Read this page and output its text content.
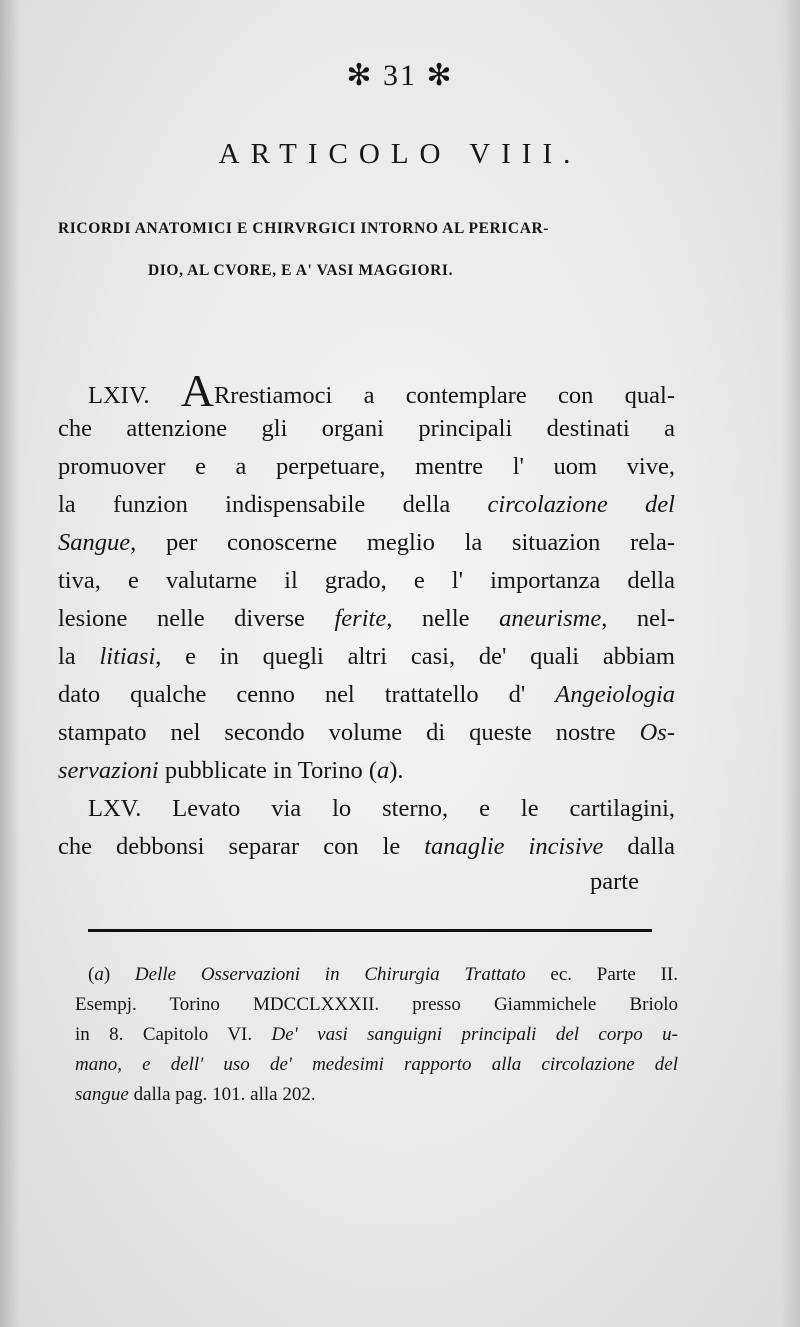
✻ 31 ✻
ARTICOLO VIII.
RICORDI ANATOMICI E CHIRVRGICI INTORNO AL PERICAR-
DIO, AL CVORE, E A' VASI MAGGIORI.
LXIV. ARrestiamoci a contemplare con qual-
che attenzione gli organi principali destinati a
promuover e a perpetuare, mentre l' uom vive,
la funzion indispensabile della circolazione del
Sangue, per conoscerne meglio la situazion rela-
tiva, e valutarne il grado, e l' importanza della
lesione nelle diverse ferite, nelle aneurisme, nel-
la litiasi, e in quegli altri casi, de' quali abbiam
dato qualche cenno nel trattatello d' Angeiologia
stampato nel secondo volume di queste nostre Os-
servazioni pubblicate in Torino (a).
LXV. Levato via lo sterno, e le cartilagini,
che debbonsi separar con le tanaglie incisive dalla
parte
(a) Delle Osservazioni in Chirurgia Trattato ec. Parte II.
Esempj. Torino MDCCLXXXII. presso Giammichele Briolo
in 8. Capitolo VI. De' vasi sanguigni principali del corpo u-
mano, e dell' uso de' medesimi rapporto alla circolazione del
sangue dalla pag. 101. alla 202.
